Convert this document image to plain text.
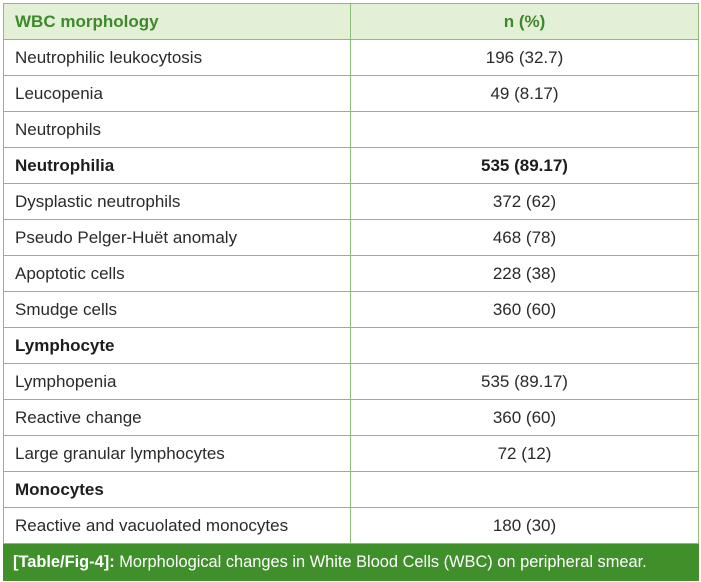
WBC morphology	n (%)
Neutrophilic leukocytosis	196 (32.7)
Leucopenia	49 (8.17)
Neutrophils	
Neutrophilia	535 (89.17)
Dysplastic neutrophils	372 (62)
Pseudo Pelger-Huët anomaly	468 (78)
Apoptotic cells	228 (38)
Smudge cells	360 (60)
Lymphocyte	
Lymphopenia	535 (89.17)
Reactive change	360 (60)
Large granular lymphocytes	72 (12)
Monocytes	
Reactive and vacuolated monocytes	180 (30)
[Table/Fig-4]: Morphological changes in White Blood Cells (WBC) on peripheral smear.	
